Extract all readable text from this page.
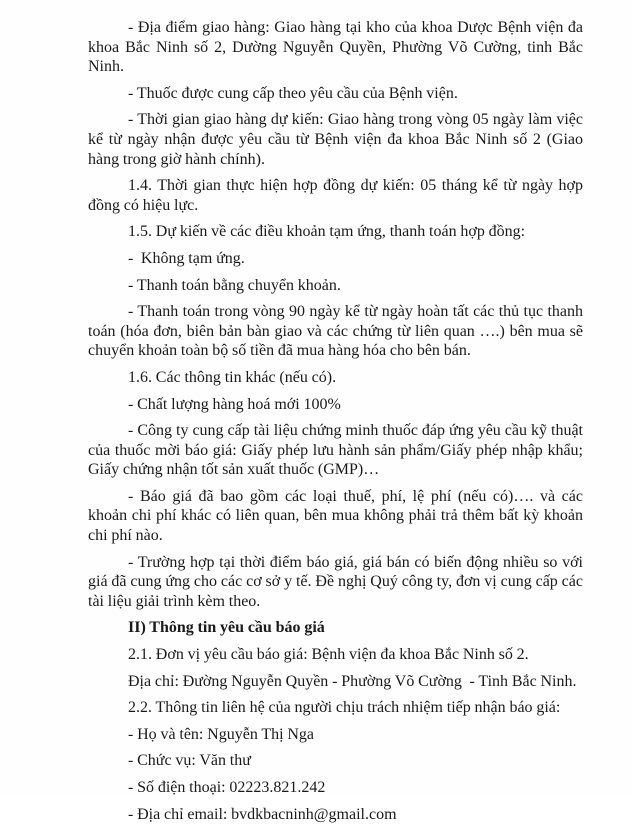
- Địa điểm giao hàng: Giao hàng tại kho của khoa Dược Bệnh viện đa khoa Bắc Ninh số 2, Dường Nguyễn Quyền, Phường Võ Cường, tinh Bắc Ninh.

- Thuốc được cung cấp theo yêu cầu của Bệnh viện.

- Thời gian giao hàng dự kiến: Giao hàng trong vòng 05 ngày làm việc kể từ ngày nhận được yêu cầu từ Bệnh viện đa khoa Bắc Ninh số 2 (Giao hàng trong giờ hành chính).

1.4. Thời gian thực hiện hợp đồng dự kiến: 05 tháng kể từ ngày hợp đồng có hiệu lực.

1.5. Dự kiến về các điều khoản tạm ứng, thanh toán hợp đồng:

-  Không tạm ứng.

- Thanh toán bằng chuyển khoản.

- Thanh toán trong vòng 90 ngày kể từ ngày hoàn tất các thủ tục thanh toán (hóa đơn, biên bản bàn giao và các chứng từ liên quan ….) bên mua sẽ chuyển khoản toàn bộ số tiền đã mua hàng hóa cho bên bán.

1.6. Các thông tin khác (nếu có).

- Chất lượng hàng hoá mới 100%

- Công ty cung cấp tài liệu chứng minh thuốc đáp ứng yêu cầu kỹ thuật của thuốc mời báo giá: Giấy phép lưu hành sản phẩm/Giấy phép nhập khẩu; Giấy chứng nhận tốt sản xuất thuốc (GMP)…

- Báo giá đã bao gồm các loại thuế, phí, lệ phí (nếu có)…. và các khoản chi phí khác có liên quan, bên mua không phải trả thêm bất kỳ khoản chi phí nào.

- Trường hợp tại thời điểm báo giá, giá bán có biến động nhiều so với giá đã cung ứng cho các cơ sở y tế. Đề nghị Quý công ty, đơn vị cung cấp các tài liệu giải trình kèm theo.

II) Thông tin yêu cầu báo giá

2.1. Đơn vị yêu cầu báo giá: Bệnh viện đa khoa Bắc Ninh số 2.

Địa chỉ: Đường Nguyễn Quyền - Phường Võ Cường  - Tinh Bắc Ninh.

2.2. Thông tin liên hệ của người chịu trách nhiệm tiếp nhận báo giá:

- Họ và tên: Nguyễn Thị Nga

- Chức vụ: Văn thư

- Số điện thoại: 02223.821.242

- Địa chỉ email: bvdkbacninh@gmail.com
